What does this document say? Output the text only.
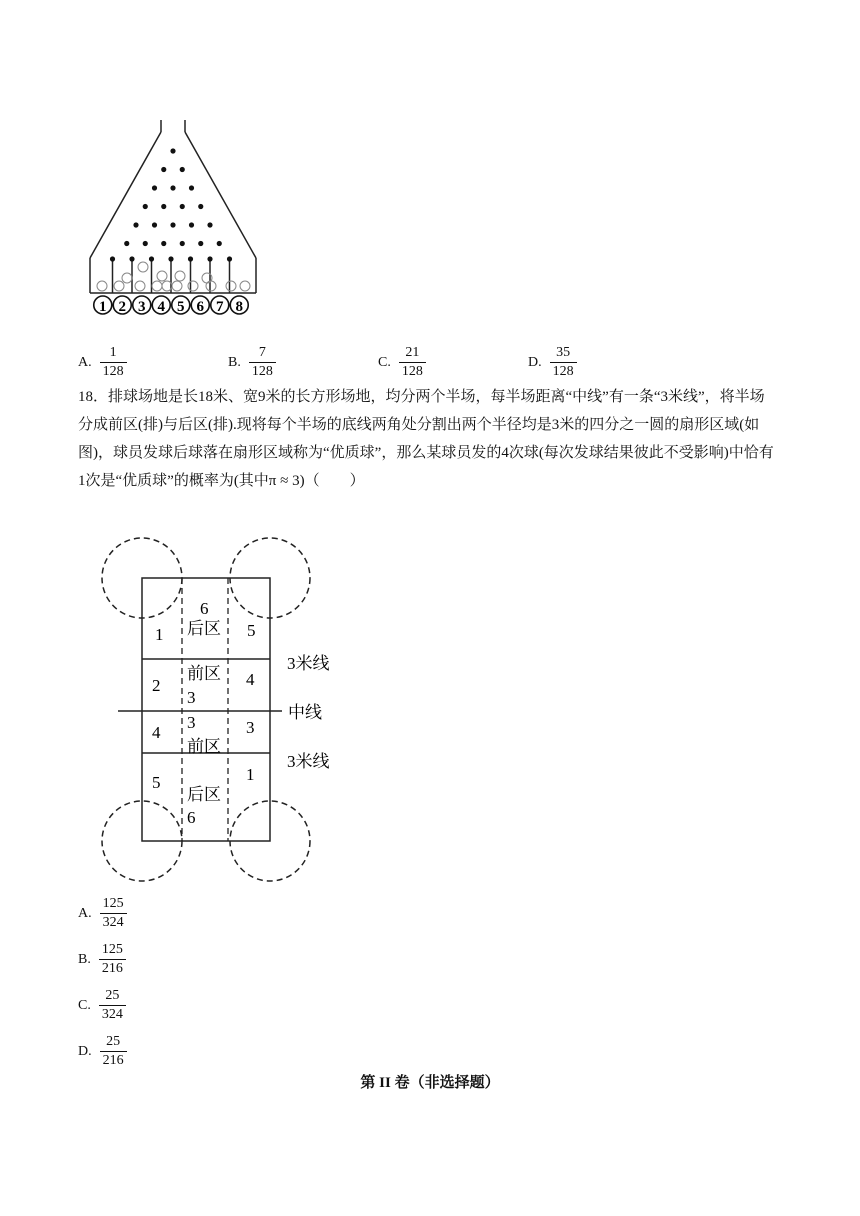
1 2 3 4 5 6 7 8
A. $\frac{1}{128}$	B. $\frac{7}{128}$	C. $\frac{21}{128}$	D. $\frac{35}{128}$

18．排球场地是长18米、宽9米的长方形场地，均分两个半场，每半场距离“中线”有一条“3米线”，将半场

分成前区(排)与后区(排).现将每个半场的底线两角处分割出两个半径均是3米的四分之一圆的扇形区域(如

图)，球员发球后球落在扇形区域称为“优质球”，那么某球员发的4次球(每次发球结果彼此不受影响)中恰有

1次是“优质球”的概率为(其中π ≈ 3)（　　）

1
6
后区 5
2
前区
3
4
4
3
前区
3
5
后区
6
1
3米线
中线
3米线
A. $\frac{125}{324}$
B. $\frac{125}{216}$
C. $\frac{25}{324}$
D. $\frac{25}{216}$
第 II 卷（非选择题）
